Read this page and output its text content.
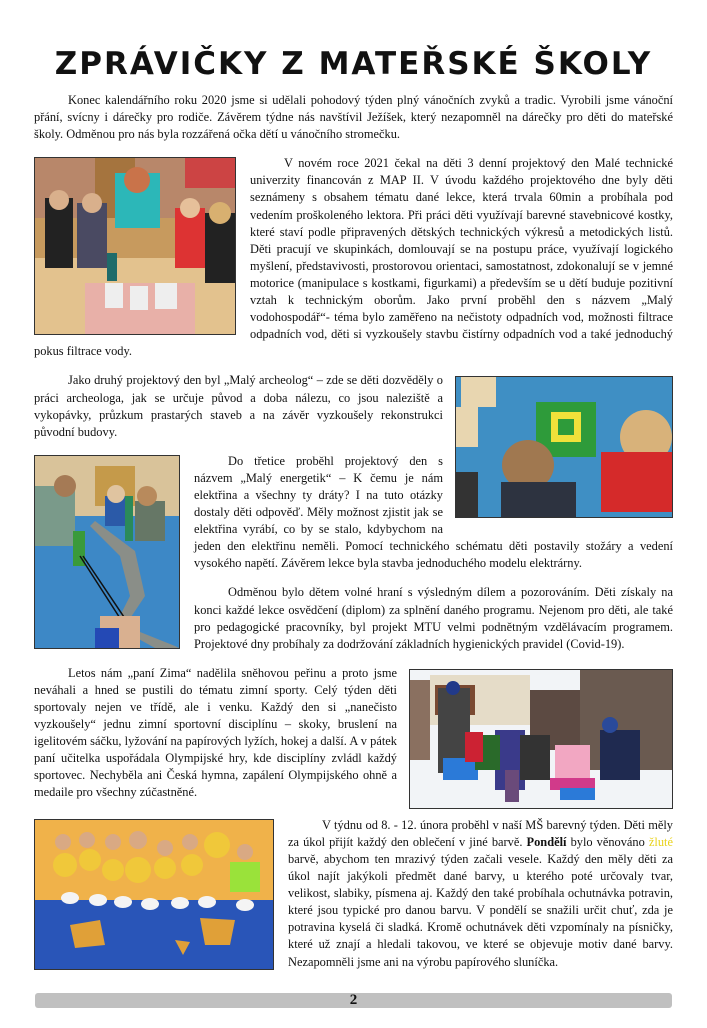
ZPRÁVIČKY Z MATEŘSKÉ ŠKOLY

Konec kalendářního roku 2020 jsme si udělali pohodový týden plný vánočních zvyků a tradic. Vyrobili jsme vánoční přání, svícny i dárečky pro rodiče. Závěrem týdne nás navštívil Ježíšek, který nezapomněl na dárečky pro děti do mateřské školy. Odměnou pro nás byla rozzářená očka dětí u vánočního stromečku.

V novém roce 2021 čekal na děti 3 denní projektový den Malé technické univerzity financován z MAP II. V úvodu každého projektového dne byly děti seznámeny s obsahem tématu dané lekce, která trvala 60min a probíhala pod vedením proškoleného lektora. Při práci děti využívají barevné stavebnicové kostky, které staví podle připravených dětských technických výkresů a metodických listů. Děti pracují ve skupinkách, domlouvají se na postupu práce, využívají logického myšlení, představivosti, prostorovou orientaci, samostatnost, zdokonalují se v jemné motorice (manipulace s kostkami, figurkami) a především se u dětí buduje pozitivní vztah k technickým oborům. Jako první proběhl den s názvem „Malý vodohospodář“- téma bylo zaměřeno na nečistoty odpadních vod, možnosti filtrace odpadních vod, děti si vyzkoušely stavbu čistírny odpadních vod a také jednoduchý pokus filtrace vody.

Jako druhý projektový den byl „Malý archeolog“ – zde se děti dozvěděly o práci archeologa, jak se určuje původ a doba nálezu, co jsou naleziště a vykopávky, průzkum prastarých staveb a na závěr vyzkoušely rekonstrukci původní budovy.

Do třetice proběhl projektový den s názvem „Malý energetik“ – K čemu je nám elektřina a všechny ty dráty? I na tuto otázky dostaly děti odpověď. Měly možnost zjistit jak se elektřina vyrábí, co by se stalo, kdybychom na jeden den elektřinu neměli. Pomocí technického schématu děti postavily stožáry a vedení vysokého napětí. Závěrem lekce byla stavba jednoduchého modelu elektrárny.

Odměnou bylo dětem volné hraní s výsledným dílem a pozorováním. Děti získaly na konci každé lekce osvědčení (diplom) za splnění daného programu. Nejenom pro děti, ale také pro pedagogické pracovníky, byl projekt MTU velmi podnětným vzdělávacím programem. Projektové dny probíhaly za dodržování základních hygienických pravidel (Covid-19).

Letos nám „paní Zima“ nadělila sněhovou peřinu a proto jsme neváhali a hned se pustili do tématu zimní sporty. Celý týden děti sportovaly nejen ve třídě, ale i venku. Každý den si „nanečisto vyzkoušely“ jednu zimní sportovní disciplínu – skoky, bruslení na igelitovém sáčku, lyžování na papírových lyžích, hokej a další. A v pátek paní učitelka uspořádala Olympijské hry, kde disciplíny zvládl každý sportovec. Nechyběla ani Česká hymna, zapálení Olympijského ohně a medaile pro všechny zúčastněné.

V týdnu od 8. - 12. února proběhl v naší MŠ barevný týden. Děti měly za úkol přijít každý den oblečení v jiné barvě. Pondělí bylo věnováno žluté barvě, abychom ten mrazivý týden začali vesele. Každý den měly děti za úkol najít jakýkoli předmět dané barvy, u kterého poté určovaly tvar, velikost, slabiky, písmena aj. Každý den také probíhala ochutnávka potravin, které jsou typické pro danou barvu. V pondělí se snažili určit chuť, zda je potravina kyselá či sladká. Kromě ochutnávek děti vzpomínaly na písničky, které už znají a hledali takovou, ve které se objevuje motiv dané barvy. Nezapomněli jsme ani na výrobu papírového sluníčka.

2
